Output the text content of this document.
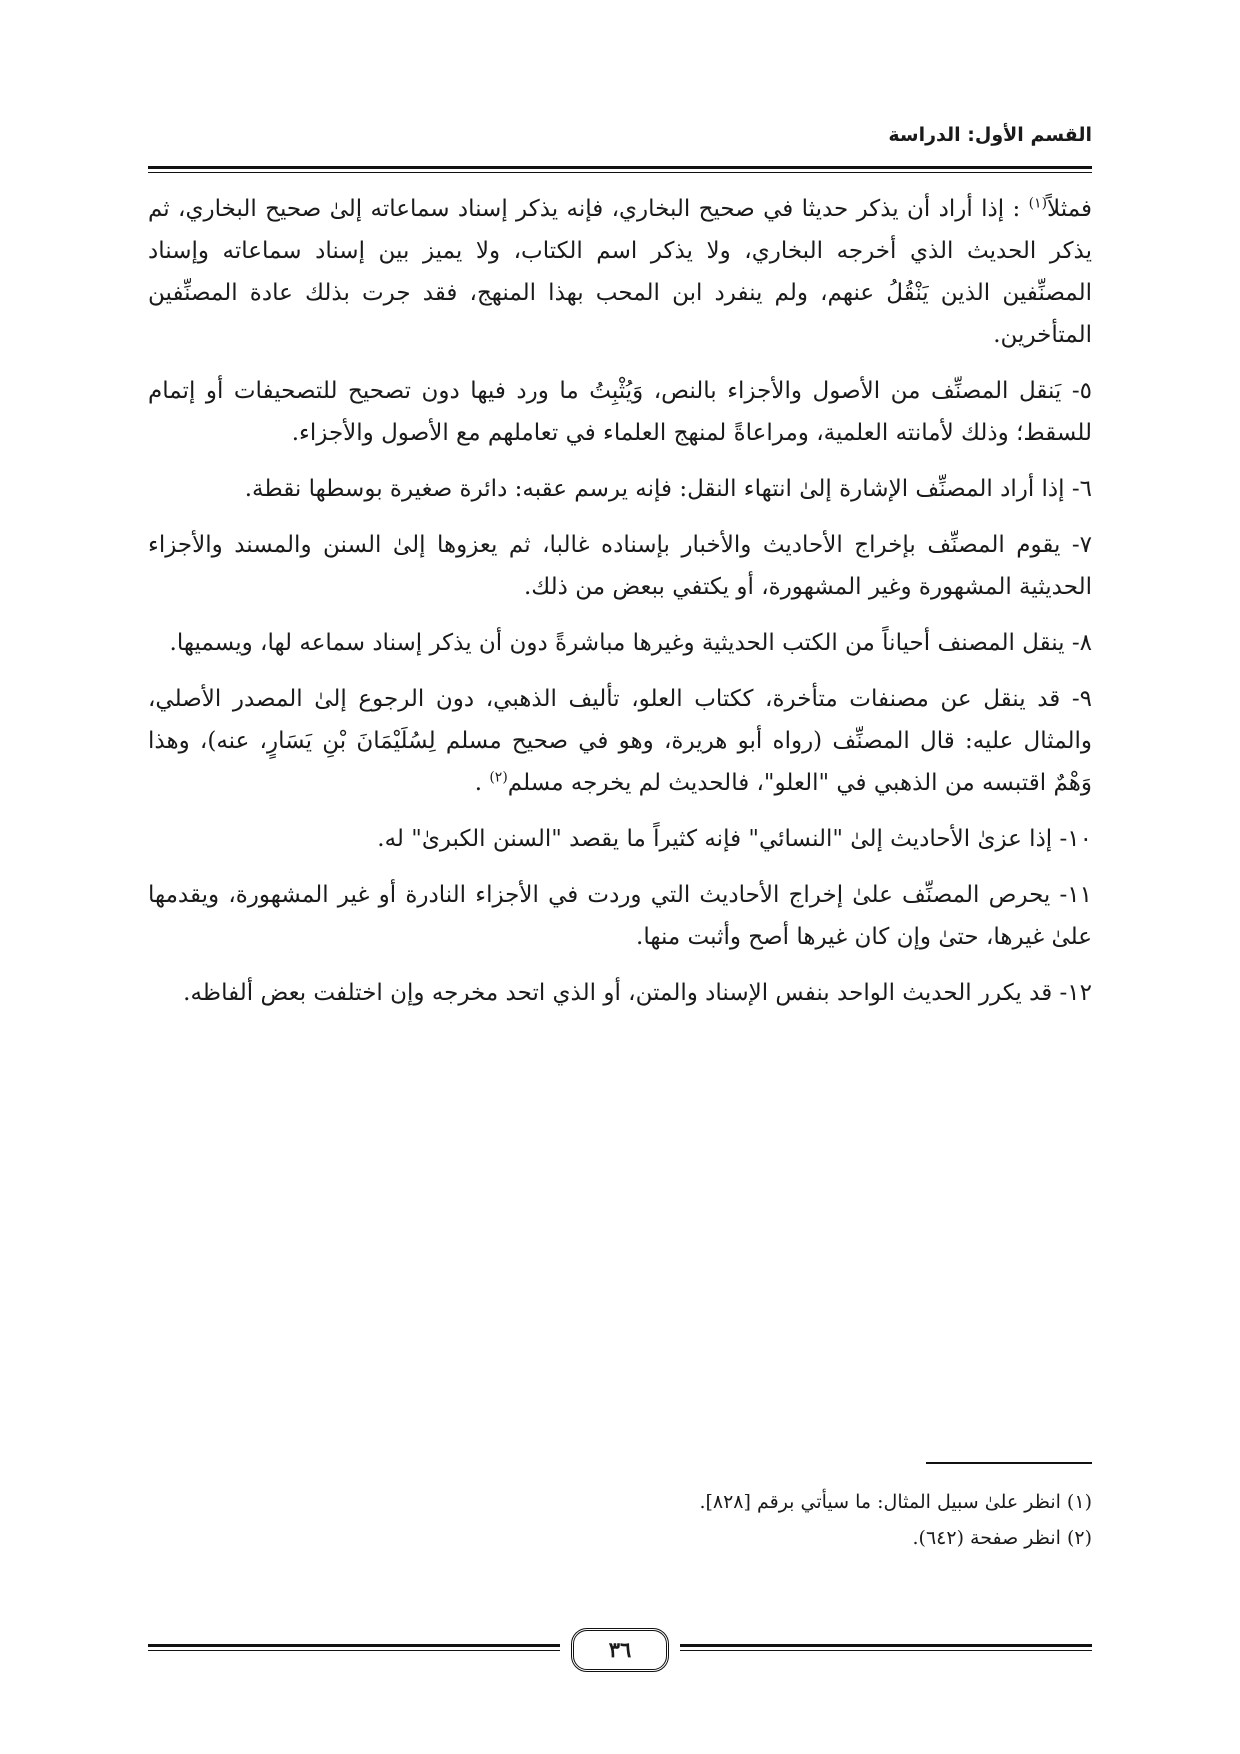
القسم الأول: الدراسة

فمثلاً$^{(١)}$ : إذا أراد أن يذكر حديثا في صحيح البخاري، فإنه يذكر إسناد سماعاته إلىٰ صحيح البخاري، ثم يذكر الحديث الذي أخرجه البخاري، ولا يذكر اسم الكتاب، ولا يميز بين إسناد سماعاته وإسناد المصنِّفين الذين يَنْقُلُ عنهم، ولم ينفرد ابن المحب بهذا المنهج، فقد جرت بذلك عادة المصنِّفين المتأخرين.

٥- يَنقل المصنِّف من الأصول والأجزاء بالنص، وَيُثْبِتُ ما ورد فيها دون تصحيح للتصحيفات أو إتمام للسقط؛ وذلك لأمانته العلمية، ومراعاةً لمنهج العلماء في تعاملهم مع الأصول والأجزاء.

٦- إذا أراد المصنِّف الإشارة إلىٰ انتهاء النقل: فإنه يرسم عقبه: دائرة صغيرة بوسطها نقطة.

٧- يقوم المصنِّف بإخراج الأحاديث والأخبار بإسناده غالبا، ثم يعزوها إلىٰ السنن والمسند والأجزاء الحديثية المشهورة وغير المشهورة، أو يكتفي ببعض من ذلك.

٨- ينقل المصنف أحياناً من الكتب الحديثية وغيرها مباشرةً دون أن يذكر إسناد سماعه لها، ويسميها.

٩- قد ينقل عن مصنفات متأخرة، ككتاب العلو، تأليف الذهبي، دون الرجوع إلىٰ المصدر الأصلي، والمثال عليه: قال المصنِّف (رواه أبو هريرة، وهو في صحيح مسلم لِسُلَيْمَانَ بْنِ يَسَارٍ، عنه)، وهذا وَهْمٌ اقتبسه من الذهبي في "العلو"، فالحديث لم يخرجه مسلم$^{(٢)}$ .

١٠- إذا عزىٰ الأحاديث إلىٰ "النسائي" فإنه كثيراً ما يقصد "السنن الكبرىٰ" له.

١١- يحرص المصنِّف علىٰ إخراج الأحاديث التي وردت في الأجزاء النادرة أو غير المشهورة، ويقدمها علىٰ غيرها، حتىٰ وإن كان غيرها أصح وأثبت منها.

١٢- قد يكرر الحديث الواحد بنفس الإسناد والمتن، أو الذي اتحد مخرجه وإن اختلفت بعض ألفاظه.

(١) انظر علىٰ سبيل المثال: ما سيأتي برقم [٨٢٨].
(٢) انظر صفحة (٦٤٢).
٣٦
